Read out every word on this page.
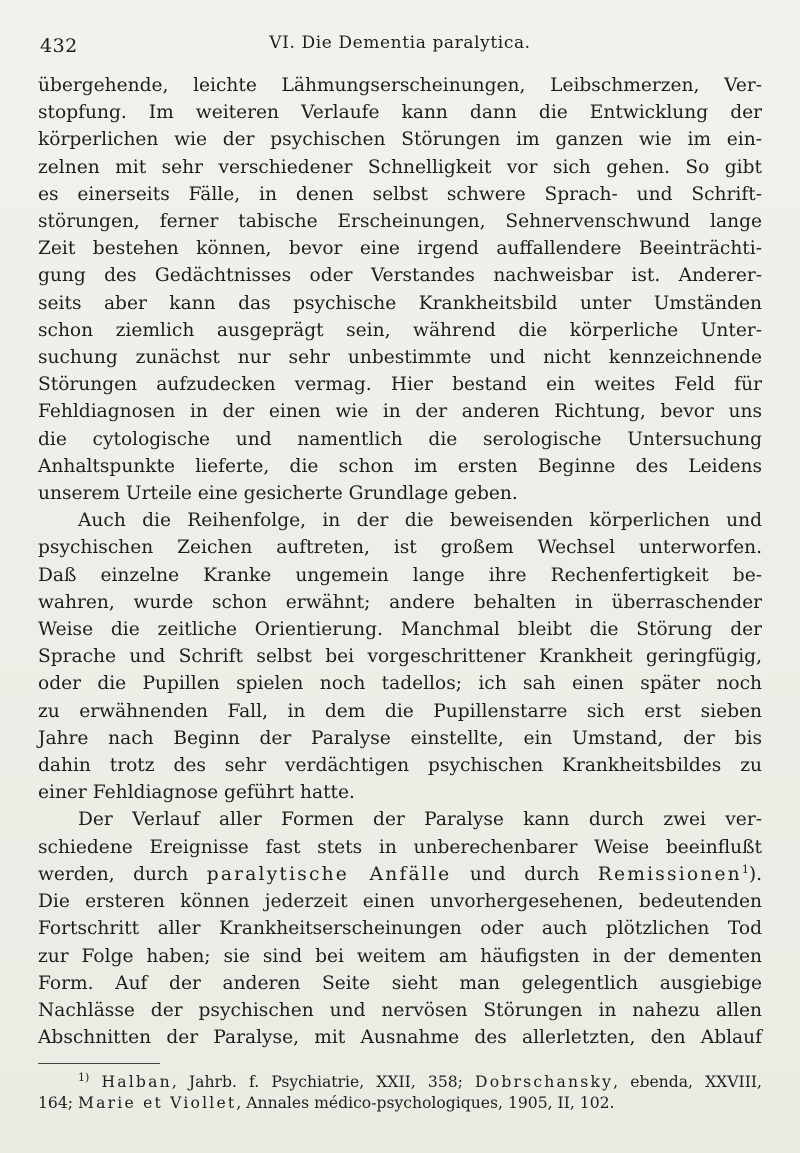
432	VI. Die Dementia paralytica.
übergehende, leichte Lähmungserscheinungen, Leibschmerzen, Ver-
stopfung. Im weiteren Verlaufe kann dann die Entwicklung der
körperlichen wie der psychischen Störungen im ganzen wie im ein-
zelnen mit sehr verschiedener Schnelligkeit vor sich gehen. So gibt
es einerseits Fälle, in denen selbst schwere Sprach- und Schrift-
störungen, ferner tabische Erscheinungen, Sehnervenschwund lange
Zeit bestehen können, bevor eine irgend auffallendere Beeinträchti-
gung des Gedächtnisses oder Verstandes nachweisbar ist. Anderer-
seits aber kann das psychische Krankheitsbild unter Umständen
schon ziemlich ausgeprägt sein, während die körperliche Unter-
suchung zunächst nur sehr unbestimmte und nicht kennzeichnende
Störungen aufzudecken vermag. Hier bestand ein weites Feld für
Fehldiagnosen in der einen wie in der anderen Richtung, bevor uns
die cytologische und namentlich die serologische Untersuchung
Anhaltspunkte lieferte, die schon im ersten Beginne des Leidens
unserem Urteile eine gesicherte Grundlage geben.
Auch die Reihenfolge, in der die beweisenden körperlichen und
psychischen Zeichen auftreten, ist großem Wechsel unterworfen.
Daß einzelne Kranke ungemein lange ihre Rechenfertigkeit be-
wahren, wurde schon erwähnt; andere behalten in überraschender
Weise die zeitliche Orientierung. Manchmal bleibt die Störung der
Sprache und Schrift selbst bei vorgeschrittener Krankheit geringfügig,
oder die Pupillen spielen noch tadellos; ich sah einen später noch
zu erwähnenden Fall, in dem die Pupillenstarre sich erst sieben
Jahre nach Beginn der Paralyse einstellte, ein Umstand, der bis
dahin trotz des sehr verdächtigen psychischen Krankheitsbildes zu
einer Fehldiagnose geführt hatte.
Der Verlauf aller Formen der Paralyse kann durch zwei ver-
schiedene Ereignisse fast stets in unberechenbarer Weise beeinflußt
werden, durch paralytische Anfälle und durch Remissionen$^1$).
Die ersteren können jederzeit einen unvorhergesehenen, bedeutenden
Fortschritt aller Krankheitserscheinungen oder auch plötzlichen Tod
zur Folge haben; sie sind bei weitem am häufigsten in der dementen
Form. Auf der anderen Seite sieht man gelegentlich ausgiebige
Nachlässe der psychischen und nervösen Störungen in nahezu allen
Abschnitten der Paralyse, mit Ausnahme des allerletzten, den Ablauf
$^{1)}$ Halban, Jahrb. f. Psychiatrie, XXII, 358; Dobrschansky, ebenda, XXVIII,
164; Marie et Viollet, Annales médico-psychologiques, 1905, II, 102.
